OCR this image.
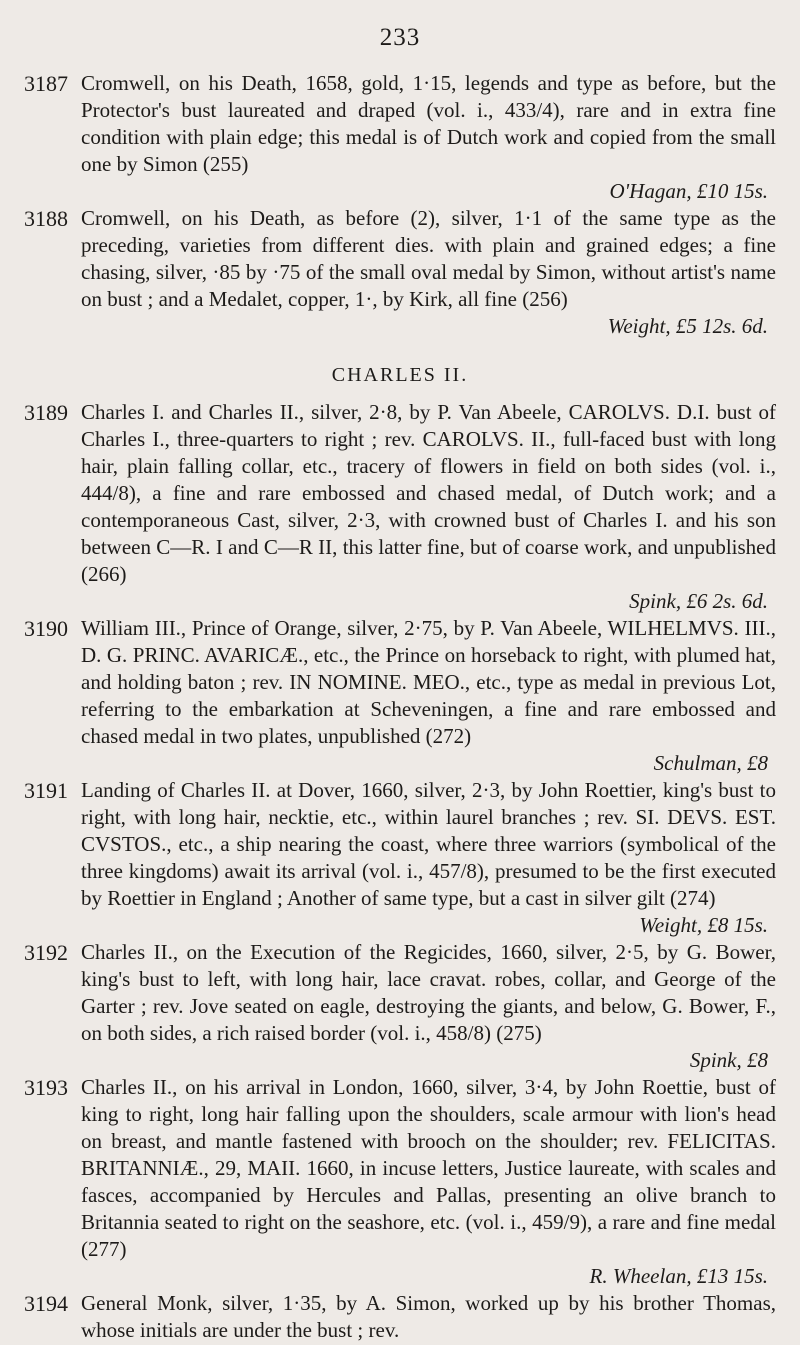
233
3187 Cromwell, on his Death, 1658, gold, 1·15, legends and type as before, but the Protector's bust laureated and draped (vol. i., 433/4), rare and in extra fine condition with plain edge; this medal is of Dutch work and copied from the small one by Simon (255)

O'Hagan, £10 15s.
3188 Cromwell, on his Death, as before (2), silver, 1·1 of the same type as the preceding, varieties from different dies. with plain and grained edges; a fine chasing, silver, ·85 by ·75 of the small oval medal by Simon, without artist's name on bust ; and a Medalet, copper, 1·, by Kirk, all fine (256)

Weight, £5 12s. 6d.
CHARLES II.
3189 Charles I. and Charles II., silver, 2·8, by P. Van Abeele, CAROLVS. D.I. bust of Charles I., three-quarters to right ; rev. CAROLVS. II., full-faced bust with long hair, plain falling collar, etc., tracery of flowers in field on both sides (vol. i., 444/8), a fine and rare embossed and chased medal, of Dutch work; and a contemporaneous Cast, silver, 2·3, with crowned bust of Charles I. and his son between C—R. I and C—R II, this latter fine, but of coarse work, and unpublished (266)

Spink, £6 2s. 6d.
3190 William III., Prince of Orange, silver, 2·75, by P. Van Abeele, WILHELMVS. III., D. G. PRINC. AVARICÆ., etc., the Prince on horseback to right, with plumed hat, and holding baton ; rev. IN NOMINE. MEO., etc., type as medal in previous Lot, referring to the embarkation at Scheveningen, a fine and rare embossed and chased medal in two plates, unpublished (272)

Schulman, £8
3191 Landing of Charles II. at Dover, 1660, silver, 2·3, by John Roettier, king's bust to right, with long hair, necktie, etc., within laurel branches ; rev. SI. DEVS. EST. CVSTOS., etc., a ship nearing the coast, where three warriors (symbolical of the three kingdoms) await its arrival (vol. i., 457/8), presumed to be the first executed by Roettier in England ; Another of same type, but a cast in silver gilt (274)

Weight, £8 15s.
3192 Charles II., on the Execution of the Regicides, 1660, silver, 2·5, by G. Bower, king's bust to left, with long hair, lace cravat. robes, collar, and George of the Garter ; rev. Jove seated on eagle, destroying the giants, and below, G. Bower, F., on both sides, a rich raised border (vol. i., 458/8) (275)

Spink, £8
3193 Charles II., on his arrival in London, 1660, silver, 3·4, by John Roettie, bust of king to right, long hair falling upon the shoulders, scale armour with lion's head on breast, and mantle fastened with brooch on the shoulder; rev. FELICITAS. BRITANNIÆ., 29, MAII. 1660, in incuse letters, Justice laureate, with scales and fasces, accompanied by Hercules and Pallas, presenting an olive branch to Britannia seated to right on the seashore, etc. (vol. i., 459/9), a rare and fine medal (277)

R. Wheelan, £13 15s.
3194 General Monk, silver, 1·35, by A. Simon, worked up by his brother Thomas, whose initials are under the bust ; rev.
